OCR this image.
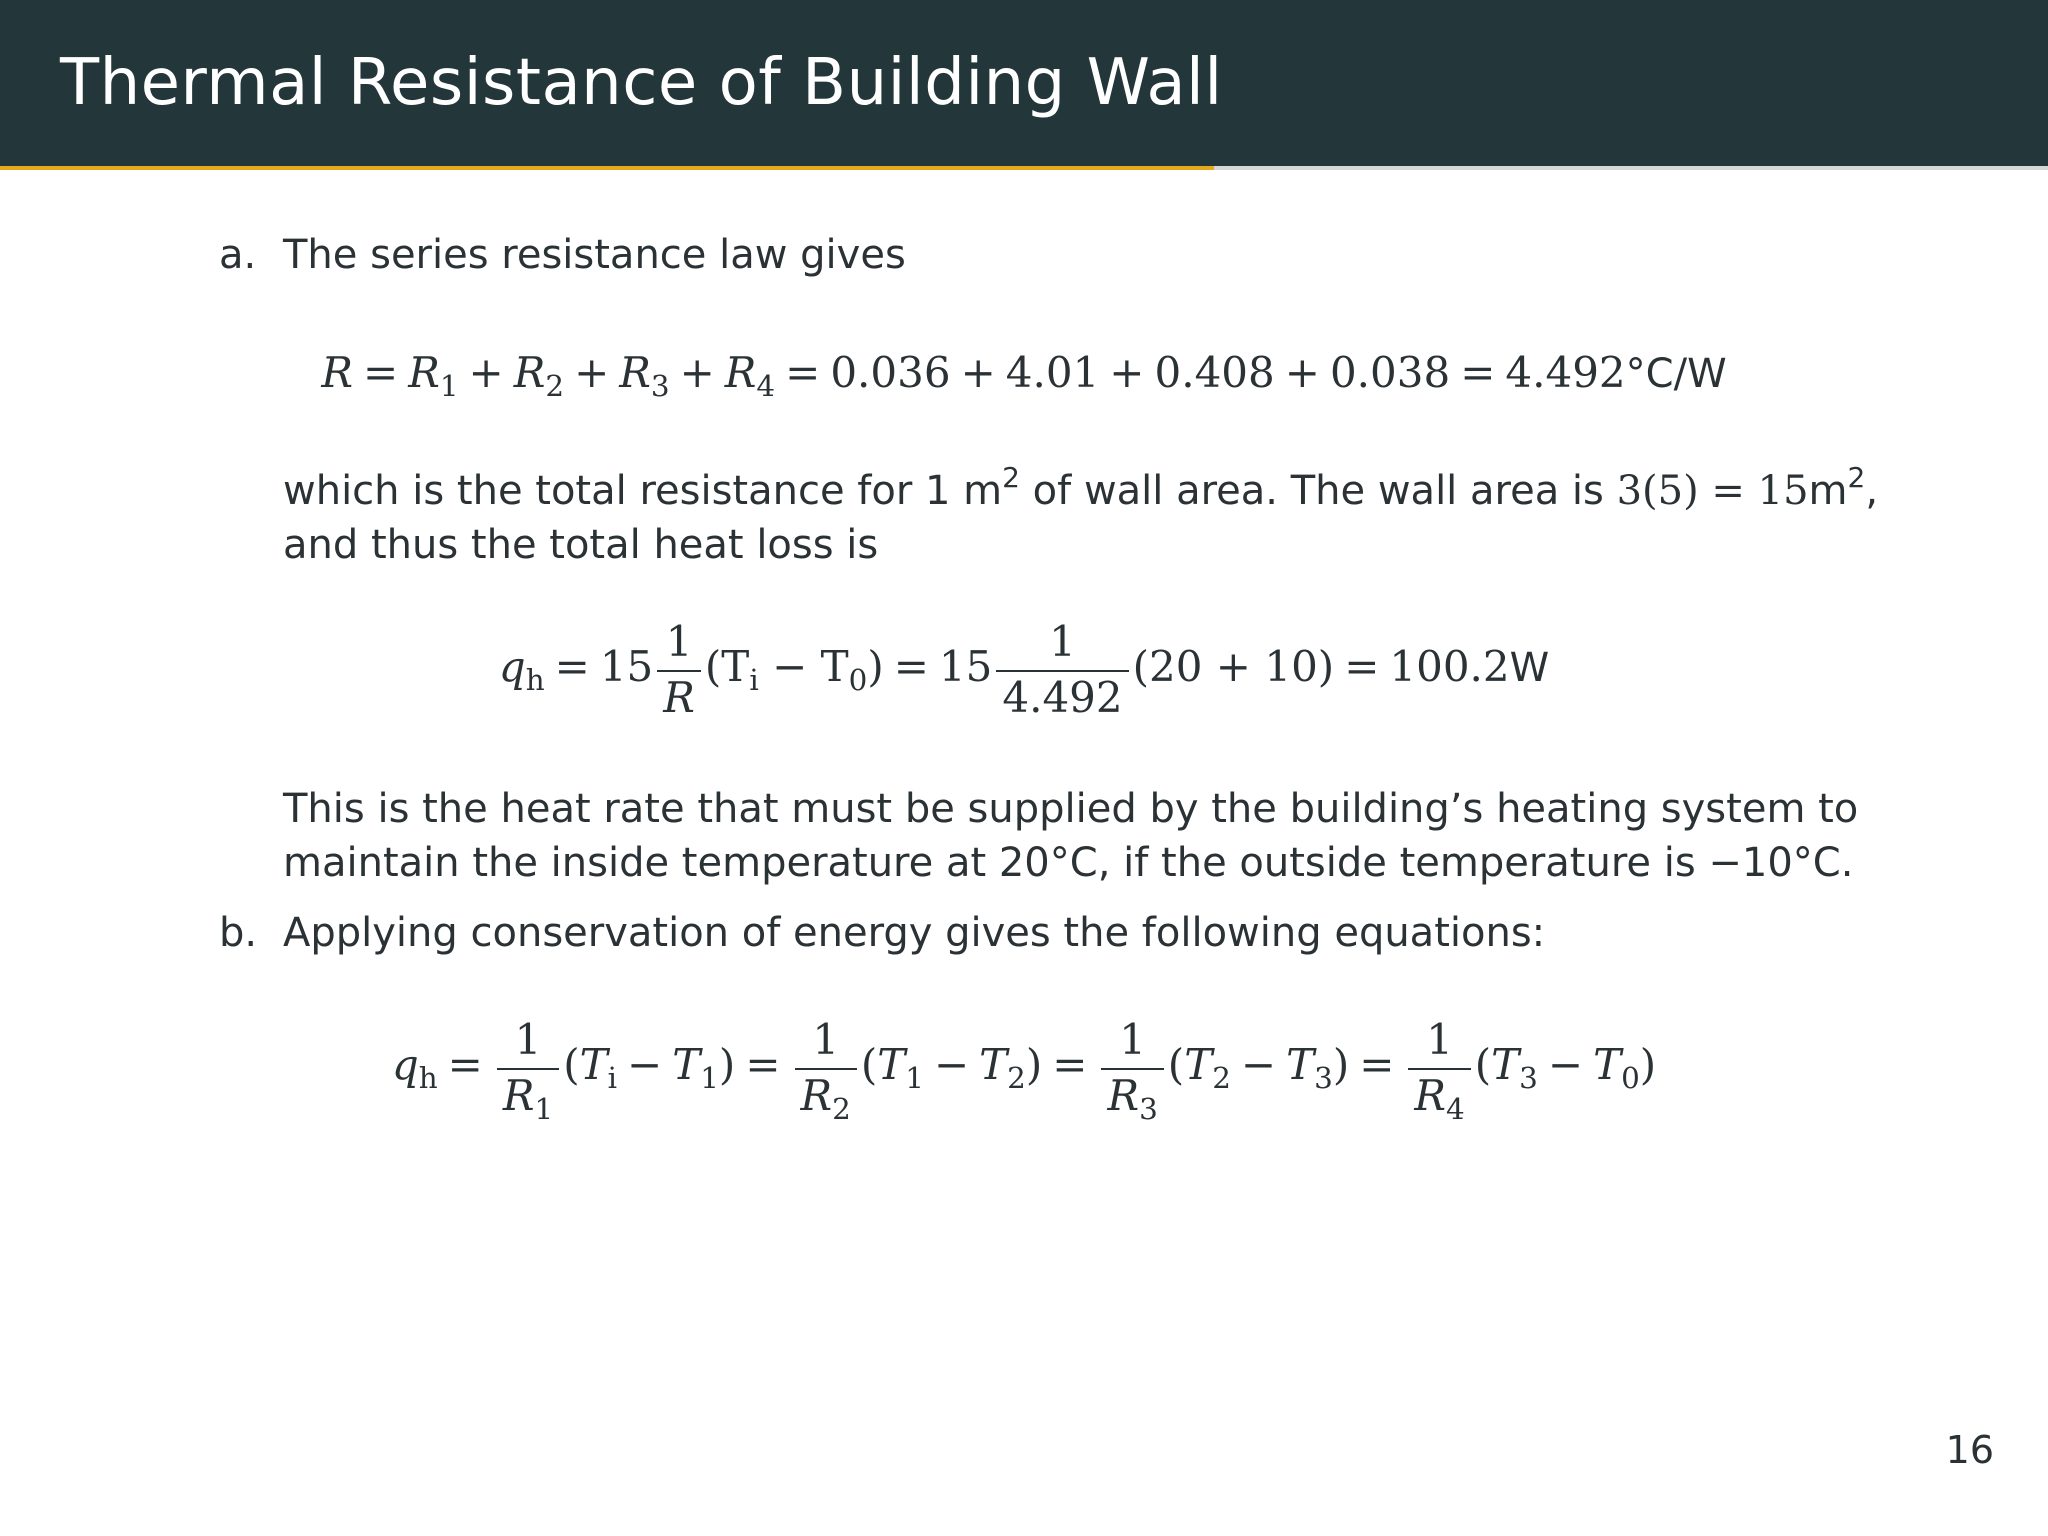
Thermal Resistance of Building Wall
a. The series resistance law gives
$R = R_1 + R_2 + R_3 + R_4 = 0.036 + 4.01 + 0.408 + 0.038 = 4.492^\circ C/W$
which is the total resistance for 1 $m^2$ of wall area. The wall area is $3(5) = 15m^2$,
and thus the total heat loss is
$q_h = 15 \frac{1}{R} (T_i - T_0) = 15 \frac{1}{4.492} (20 + 10) = 100.2W$
This is the heat rate that must be supplied by the building’s heating system to
maintain the inside temperature at 20°C, if the outside temperature is −10°C.
b. Applying conservation of energy gives the following equations:
$q_h = \frac{1}{R_1} (T_i - T_1) = \frac{1}{R_2} (T_1 - T_2) = \frac{1}{R_3} (T_2 - T_3) = \frac{1}{R_4} (T_3 - T_0)$
16
